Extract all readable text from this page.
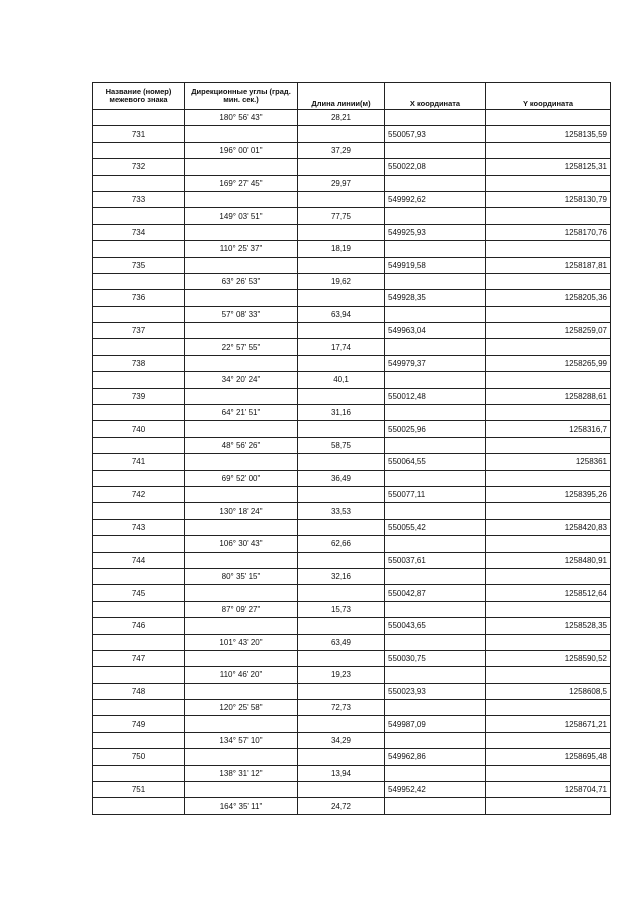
Название (номер) межевого знака	Дирекционные углы (град. мин. сек.)	Длина линии(м)	X координата	Y координата
	180° 56' 43"	28,21		
731			550057,93	1258135,59
	196° 00' 01"	37,29		
732			550022,08	1258125,31
	169° 27' 45"	29,97		
733			549992,62	1258130,79
	149° 03' 51"	77,75		
734			549925,93	1258170,76
	110° 25' 37"	18,19		
735			549919,58	1258187,81
	63° 26' 53"	19,62		
736			549928,35	1258205,36
	57° 08' 33"	63,94		
737			549963,04	1258259,07
	22° 57' 55"	17,74		
738			549979,37	1258265,99
	34° 20' 24"	40,1		
739			550012,48	1258288,61
	64° 21' 51"	31,16		
740			550025,96	1258316,7
	48° 56' 26"	58,75		
741			550064,55	1258361
	69° 52' 00"	36,49		
742			550077,11	1258395,26
	130° 18' 24"	33,53		
743			550055,42	1258420,83
	106° 30' 43"	62,66		
744			550037,61	1258480,91
	80° 35' 15"	32,16		
745			550042,87	1258512,64
	87° 09' 27"	15,73		
746			550043,65	1258528,35
	101° 43' 20"	63,49		
747			550030,75	1258590,52
	110° 46' 20"	19,23		
748			550023,93	1258608,5
	120° 25' 58"	72,73		
749			549987,09	1258671,21
	134° 57' 10"	34,29		
750			549962,86	1258695,48
	138° 31' 12"	13,94		
751			549952,42	1258704,71
	164° 35' 11"	24,72		
